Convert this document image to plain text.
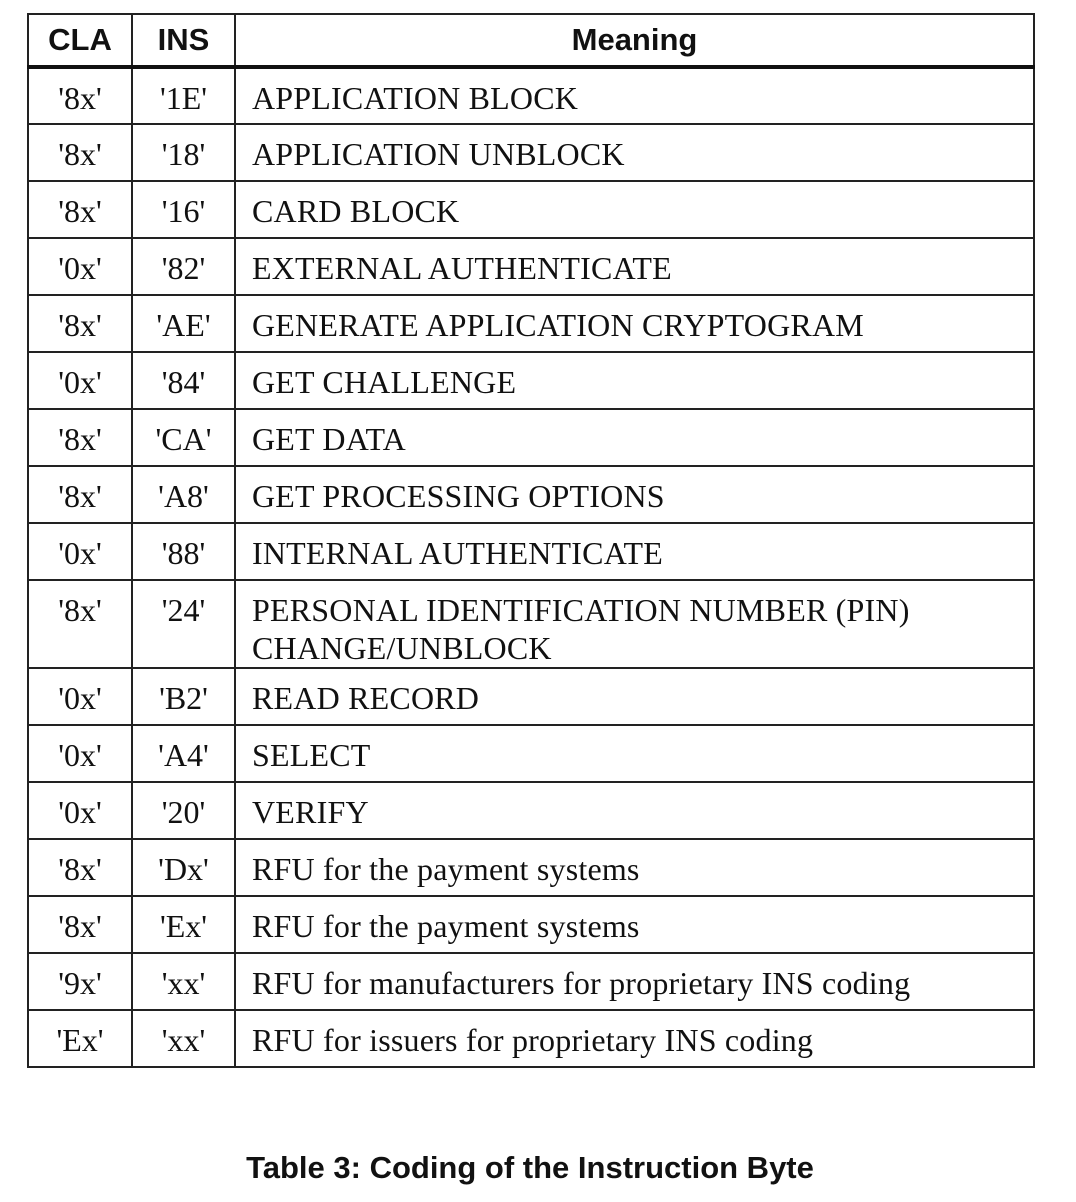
CLA	INS	Meaning
'8x'	'1E'	APPLICATION BLOCK
'8x'	'18'	APPLICATION UNBLOCK
'8x'	'16'	CARD BLOCK
'0x'	'82'	EXTERNAL AUTHENTICATE
'8x'	'AE'	GENERATE APPLICATION CRYPTOGRAM
'0x'	'84'	GET CHALLENGE
'8x'	'CA'	GET DATA
'8x'	'A8'	GET PROCESSING OPTIONS
'0x'	'88'	INTERNAL AUTHENTICATE
'8x'	'24'	PERSONAL IDENTIFICATION NUMBER (PIN) CHANGE/UNBLOCK
'0x'	'B2'	READ RECORD
'0x'	'A4'	SELECT
'0x'	'20'	VERIFY
'8x'	'Dx'	RFU for the payment systems
'8x'	'Ex'	RFU for the payment systems
'9x'	'xx'	RFU for manufacturers for proprietary INS coding
'Ex'	'xx'	RFU for issuers for proprietary INS coding
Table 3: Coding of the Instruction Byte
